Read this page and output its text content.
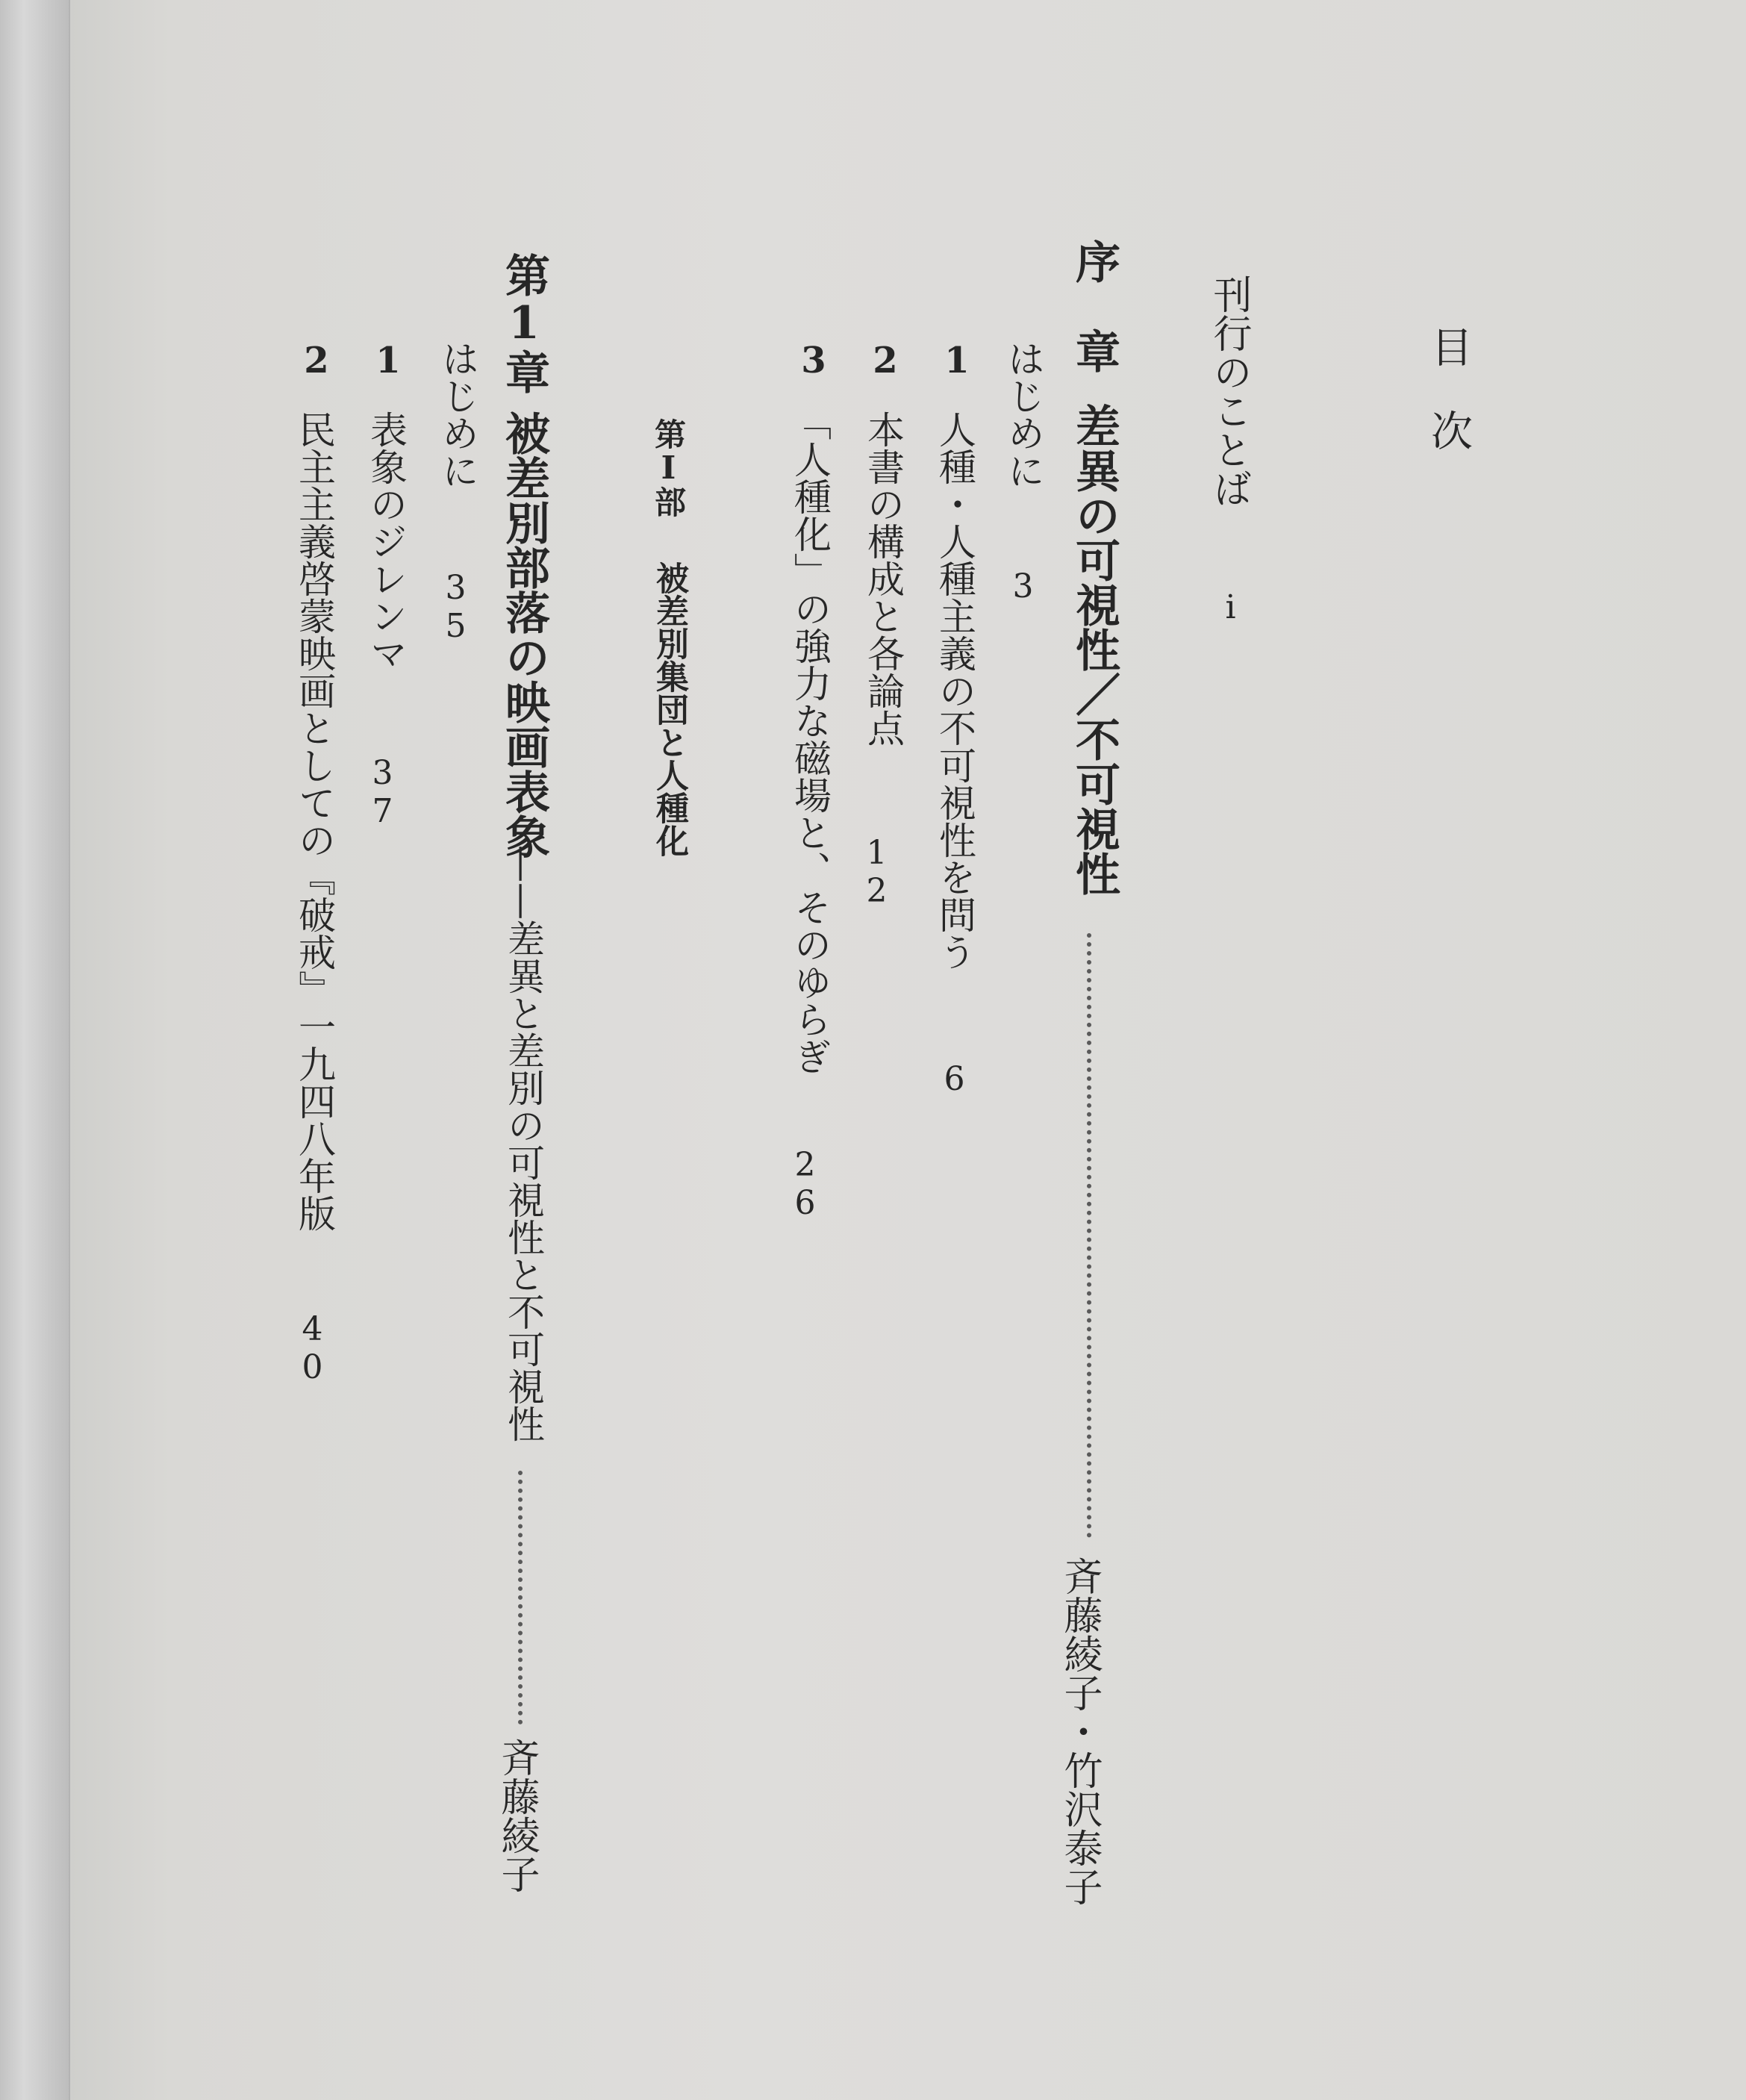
目　次
刊行のことば
i
序　章
差異の可視性／不可視性
斉藤綾子・竹沢泰子
はじめに
3
1
人種・人種主義の不可視性を問う
6
2
本書の構成と各論点
12
3
「人種化」の強力な磁場と、そのゆらぎ
26
第Ⅰ部
被差別集団と人種化
第1章
被差別部落の映画表象
——差異と差別の可視性と不可視性
斉藤綾子
はじめに
35
1
表象のジレンマ
37
2
民主主義啓蒙映画としての『破戒』一九四八年版
40
